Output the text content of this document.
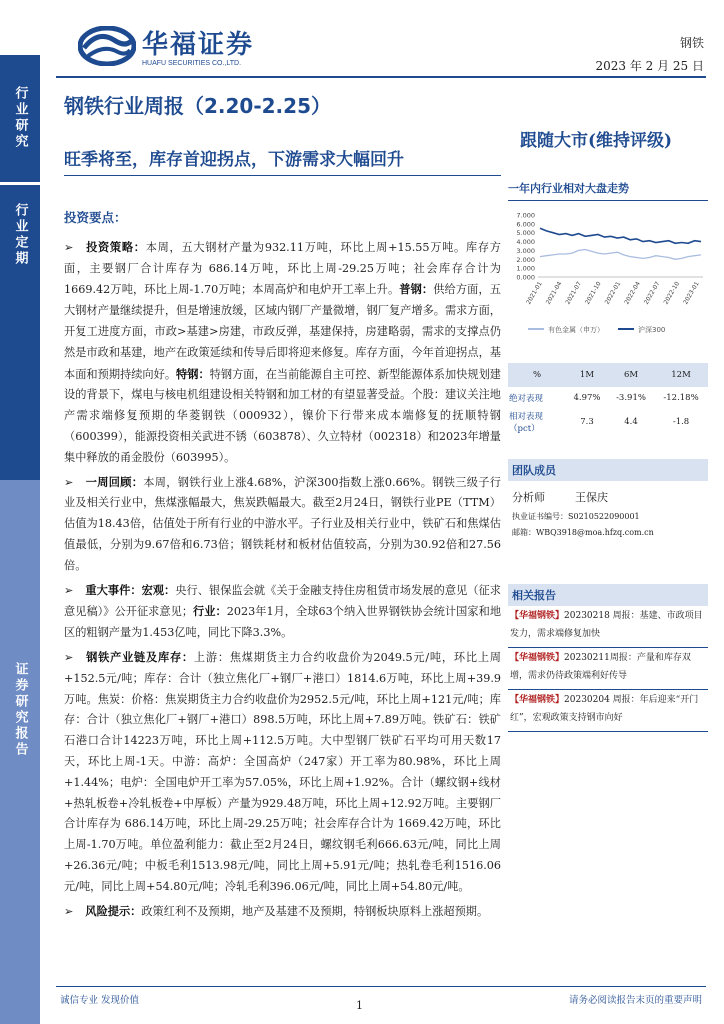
行业研究
行业定期
证券研究报告
华福证券
HUAFU SECURITIES CO.,LTD.
钢铁
2023 年 2 月 25 日
钢铁行业周报（2.20-2.25）
旺季将至，库存首迎拐点，下游需求大幅回升
跟随大市(维持评级)
投资要点：

➢ 投资策略：本周，五大钢材产量为932.11万吨，环比上周+15.55万吨。库存方面，主要钢厂合计库存为 686.14万吨，环比上周-29.25万吨；社会库存合计为 1669.42万吨，环比上周-1.70万吨；本周高炉和电炉开工率上升。普钢：供给方面，五大钢材产量继续提升，但是增速放缓，区域内钢厂产量微增，钢厂复产增多。需求方面，开复工进度方面，市政>基建>房建，市政反弹，基建保持，房建略弱，需求的支撑点仍然是市政和基建，地产在政策延续和传导后即将迎来修复。库存方面，今年首迎拐点，基本面和预期持续向好。特钢：特钢方面，在当前能源自主可控、新型能源体系加快规划建设的背景下，煤电与核电机组建设相关特钢和加工材的有望显著受益。个股：建议关注地产需求端修复预期的华菱钢铁（000932），镍价下行带来成本端修复的抚顺特钢（600399），能源投资相关武进不锈（603878）、久立特材（002318）和2023年增量集中释放的甬金股份（603995）。

➢ 一周回顾：本周，钢铁行业上涨4.68%，沪深300指数上涨0.66%。钢铁三级子行业及相关行业中，焦煤涨幅最大，焦炭跌幅最大。截至2月24日，钢铁行业PE（TTM）估值为18.43倍，估值处于所有行业的中游水平。子行业及相关行业中，铁矿石和焦煤估值最低，分别为9.67倍和6.73倍；钢铁耗材和板材估值较高，分别为30.92倍和27.56倍。

➢ 重大事件：宏观：央行、银保监会就《关于金融支持住房租赁市场发展的意见（征求意见稿）》公开征求意见；行业：2023年1月，全球63个纳入世界钢铁协会统计国家和地区的粗钢产量为1.453亿吨，同比下降3.3%。

➢ 钢铁产业链及库存：上游：焦煤期货主力合约收盘价为2049.5元/吨，环比上周+152.5元/吨；库存：合计（独立焦化厂+钢厂+港口）1814.6万吨，环比上周+39.9万吨。焦炭：价格：焦炭期货主力合约收盘价为2952.5元/吨，环比上周+121元/吨；库存：合计（独立焦化厂+钢厂+港口）898.5万吨，环比上周+7.89万吨。铁矿石：铁矿石港口合计14223万吨，环比上周+112.5万吨。大中型钢厂铁矿石平均可用天数17天，环比上周-1天。中游：高炉：全国高炉（247家）开工率为80.98%，环比上周+1.44%；电炉：全国电炉开工率为57.05%，环比上周+1.92%。合计（螺纹钢+线材+热轧板卷+冷轧板卷+中厚板）产量为929.48万吨，环比上周+12.92万吨。主要钢厂合计库存为 686.14万吨，环比上周-29.25万吨；社会库存合计为 1669.42万吨，环比上周-1.70万吨。单位盈利能力：截止至2月24日，螺纹钢毛利666.63元/吨，同比上周+26.36元/吨；中板毛利1513.98元/吨，同比上周+5.91元/吨；热轧卷毛利1516.06元/吨，同比上周+54.80元/吨；冷轧毛利396.06元/吨，同比上周+54.80元/吨。

➢ 风险提示：政策红利不及预期，地产及基建不及预期，特钢板块原料上涨超预期。

一年内行业相对大盘走势
7.000
6.000
5.000
4.000
3.000
2.000
1.000
0.000
2021-01 2021-04 2021-07 2021-10 2022-01 2022-04 2022-07 2022-10 2023-01
有色金属（申万）	沪深300
%	1M	6M	12M
绝对表现	4.97%	-3.91%	-12.18%
相对表现（pct）	7.3	4.4	-1.8
团队成员
分析师	王保庆
执业证书编号：S0210522090001
邮箱：WBQ3918@moa.hfzq.com.cn
相关报告
【华福钢铁】20230218 周报：基建、市政项目发力，需求端修复加快
【华福钢铁】20230211周报：产量和库存双增，需求仍待政策端利好传导
【华福钢铁】20230204 周报：年后迎来“开门红”，宏观政策支持钢市向好
诚信专业 发现价值	1	请务必阅读报告末页的重要声明
